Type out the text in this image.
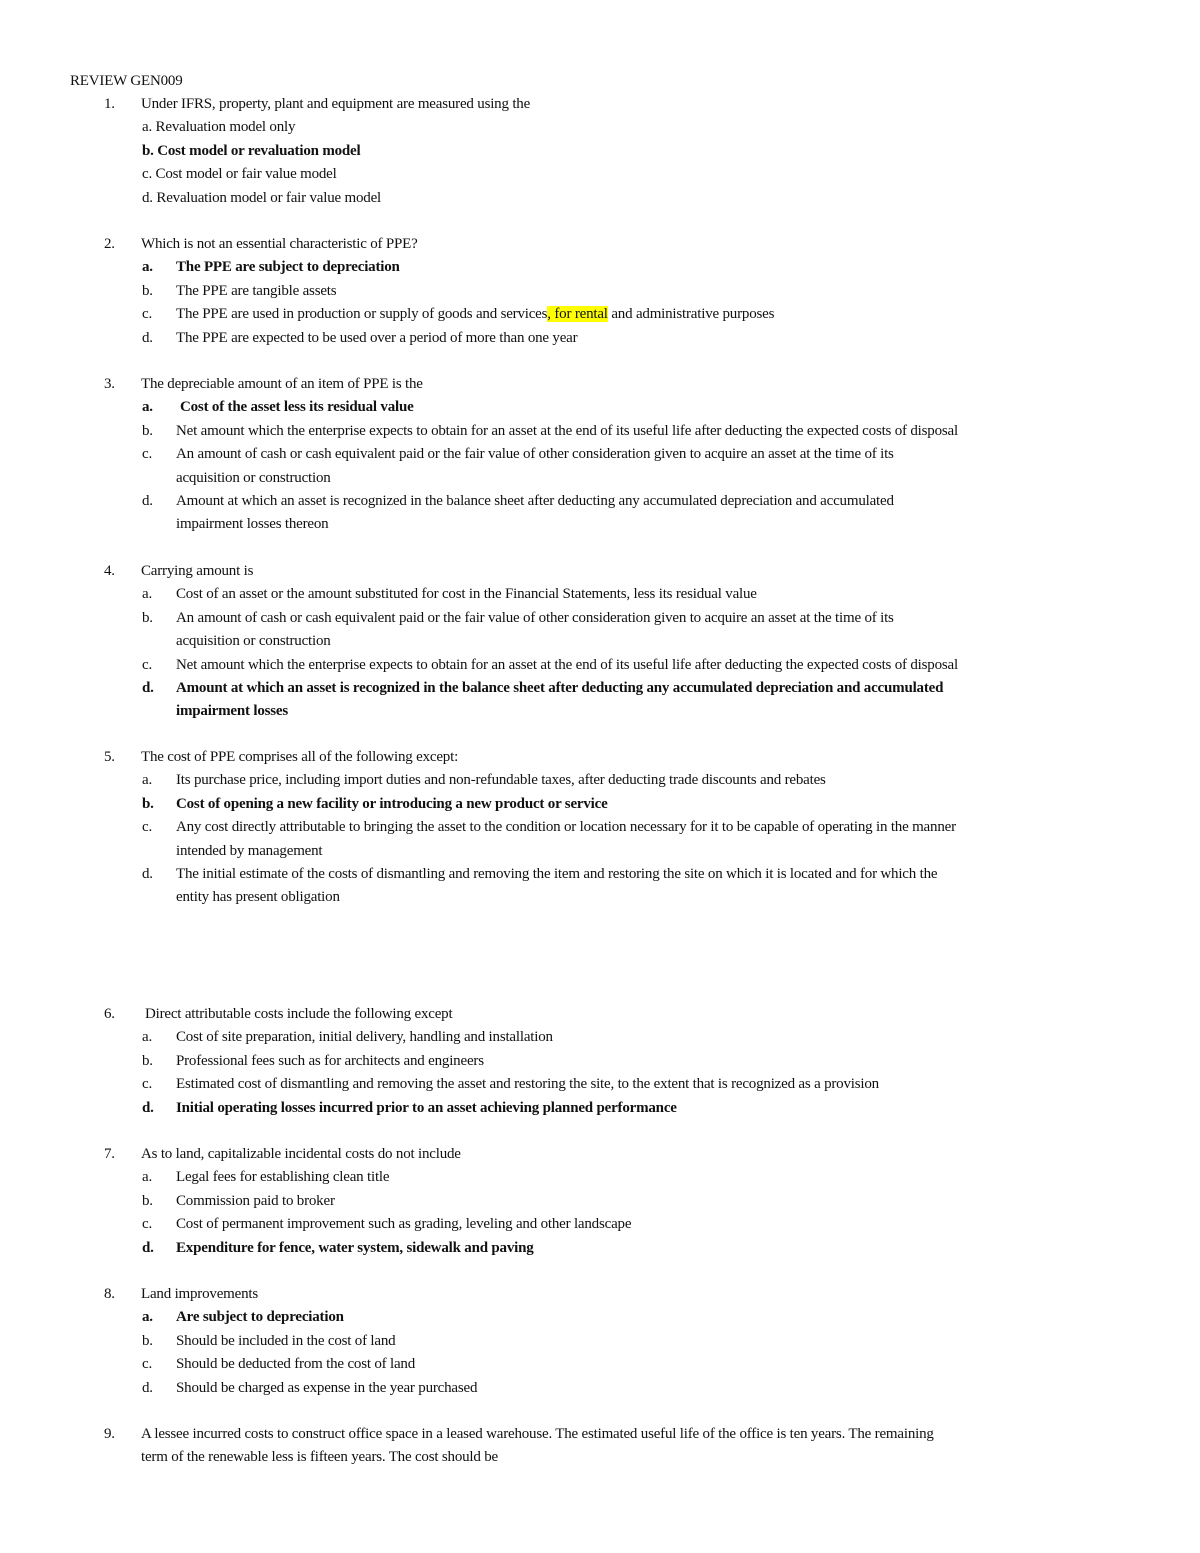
REVIEW GEN009
1.	Under IFRS, property, plant and equipment are measured using the
a. Revaluation model only
b. Cost model or revaluation model
c. Cost model or fair value model
d. Revaluation model or fair value model
2.	Which is not an essential characteristic of PPE?
a. The PPE are subject to depreciation
b. The PPE are tangible assets
c. The PPE are used in production or supply of goods and services, for rental and administrative purposes
d. The PPE are expected to be used over a period of more than one year
3.	The depreciable amount of an item of PPE is the
a. Cost of the asset less its residual value
b. Net amount which the enterprise expects to obtain for an asset at the end of its useful life after deducting the expected costs of disposal
c. An amount of cash or cash equivalent paid or the fair value of other consideration given to acquire an asset at the time of its
acquisition or construction
d. Amount at which an asset is recognized in the balance sheet after deducting any accumulated depreciation and accumulated
impairment losses thereon
4.	Carrying amount is
a. Cost of an asset or the amount substituted for cost in the Financial Statements, less its residual value
b. An amount of cash or cash equivalent paid or the fair value of other consideration given to acquire an asset at the time of its
acquisition or construction
c. Net amount which the enterprise expects to obtain for an asset at the end of its useful life after deducting the expected costs of disposal
d. Amount at which an asset is recognized in the balance sheet after deducting any accumulated depreciation and accumulated
impairment losses
5.	The cost of PPE comprises all of the following except:
a. Its purchase price, including import duties and non-refundable taxes, after deducting trade discounts and rebates
b. Cost of opening a new facility or introducing a new product or service
c. Any cost directly attributable to bringing the asset to the condition or location necessary for it to be capable of operating in the manner
intended by management
d. The initial estimate of the costs of dismantling and removing the item and restoring the site on which it is located and for which the
entity has present obligation
6.	Direct attributable costs include the following except
a. Cost of site preparation, initial delivery, handling and installation
b. Professional fees such as for architects and engineers
c. Estimated cost of dismantling and removing the asset and restoring the site, to the extent that is recognized as a provision
d. Initial operating losses incurred prior to an asset achieving planned performance
7.	As to land, capitalizable incidental costs do not include
a. Legal fees for establishing clean title
b. Commission paid to broker
c. Cost of permanent improvement such as grading, leveling and other landscape
d. Expenditure for fence, water system, sidewalk and paving
8.	Land improvements
a. Are subject to depreciation
b. Should be included in the cost of land
c. Should be deducted from the cost of land
d. Should be charged as expense in the year purchased
9.	A lessee incurred costs to construct office space in a leased warehouse. The estimated useful life of the office is ten years. The remaining
term of the renewable less is fifteen years. The cost should be
